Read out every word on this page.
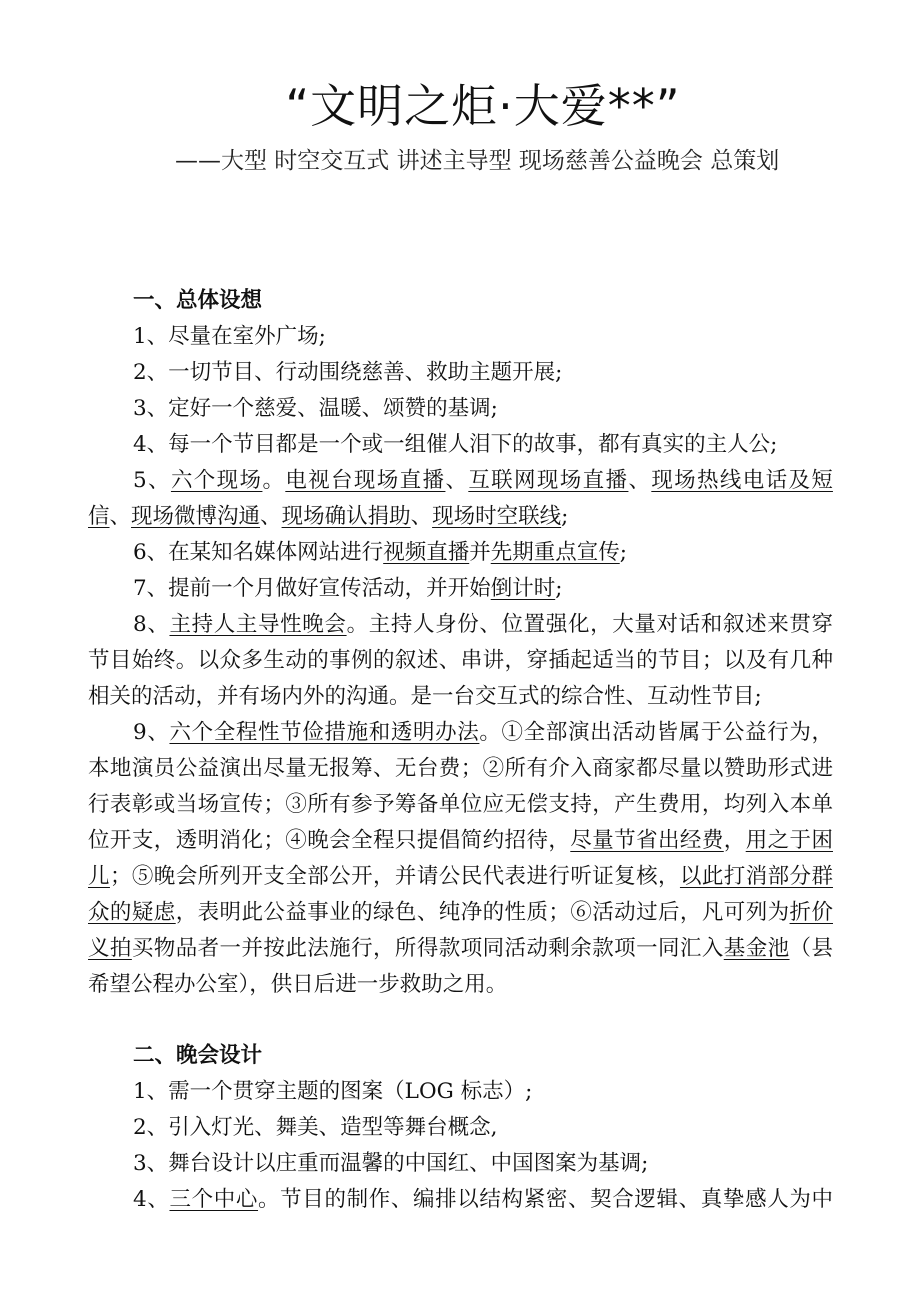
“文明之炬·大爱**”
——大型 时空交互式 讲述主导型 现场慈善公益晚会 总策划
一、总体设想
1、尽量在室外广场;
2、一切节目、行动围绕慈善、救助主题开展;
3、定好一个慈爱、温暖、颂赞的基调;
4、每一个节目都是一个或一组催人泪下的故事，都有真实的主人公;
5、六个现场。电视台现场直播、互联网现场直播、现场热线电话及短
信、现场微博沟通、现场确认捐助、现场时空联线;
6、在某知名媒体网站进行视频直播并先期重点宣传;
7、提前一个月做好宣传活动，并开始倒计时;
8、主持人主导性晚会。主持人身份、位置强化，大量对话和叙述来贯穿
节目始终。以众多生动的事例的叙述、串讲，穿插起适当的节目；以及有几种
相关的活动，并有场内外的沟通。是一台交互式的综合性、互动性节目;
9、六个全程性节俭措施和透明办法。①全部演出活动皆属于公益行为，
本地演员公益演出尽量无报筹、无台费；②所有介入商家都尽量以赞助形式进
行表彰或当场宣传；③所有参予筹备单位应无偿支持，产生费用，均列入本单
位开支，透明消化；④晚会全程只提倡简约招待，尽量节省出经费，用之于困
儿；⑤晚会所列开支全部公开，并请公民代表进行听证复核，以此打消部分群
众的疑虑，表明此公益事业的绿色、纯净的性质；⑥活动过后，凡可列为折价
义拍买物品者一并按此法施行，所得款项同活动剩余款项一同汇入基金池（县
希望公程办公室），供日后进一步救助之用。
二、晚会设计
1、需一个贯穿主题的图案（LOG 标志）;
2、引入灯光、舞美、造型等舞台概念,
3、舞台设计以庄重而温馨的中国红、中国图案为基调;
4、三个中心。节目的制作、编排以结构紧密、契合逻辑、真挚感人为中
